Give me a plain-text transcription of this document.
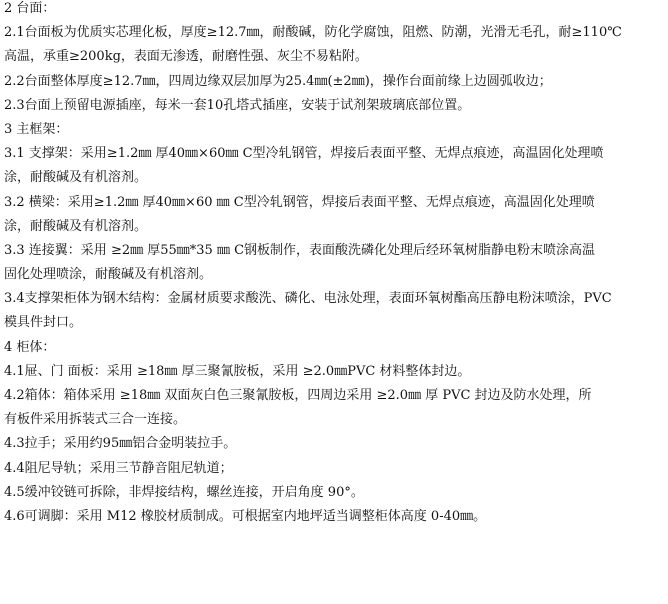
2 台面：
2.1台面板为优质实芯理化板，厚度≥12.7㎜，耐酸碱，防化学腐蚀，阻燃、防潮，光滑无毛孔，耐≥110℃
高温，承重≥200kg，表面无渗透，耐磨性强、灰尘不易粘附。
2.2台面整体厚度≥12.7㎜，四周边缘双层加厚为25.4㎜(±2㎜)，操作台面前缘上边圆弧收边；
2.3台面上预留电源插座，每米一套10孔塔式插座，安装于试剂架玻璃底部位置。
3 主框架：
3.1 支撑架：采用≥1.2㎜ 厚40㎜×60㎜ C型冷轧钢管，焊接后表面平整、无焊点痕迹，高温固化处理喷
涂，耐酸碱及有机溶剂。
3.2 横梁：采用≥1.2㎜ 厚40㎜×60 ㎜ C型冷轧钢管，焊接后表面平整、无焊点痕迹，高温固化处理喷
涂，耐酸碱及有机溶剂。
3.3 连接翼：采用 ≥2㎜ 厚55㎜*35 ㎜ C钢板制作，表面酸洗磷化处理后经环氧树脂静电粉末喷涂高温
固化处理喷涂，耐酸碱及有机溶剂。
3.4支撑架柜体为钢木结构：金属材质要求酸洗、磷化、电泳处理，表面环氧树酯高压静电粉沫喷涂，PVC
模具件封口。
4 柜体：
4.1屉、门 面板：采用 ≥18㎜ 厚三聚氰胺板，采用 ≥2.0㎜PVC 材料整体封边。
4.2箱体：箱体采用 ≥18㎜ 双面灰白色三聚氰胺板，四周边采用 ≥2.0㎜ 厚 PVC 封边及防水处理，所
有板件采用拆装式三合一连接。
4.3拉手；采用约95㎜铝合金明装拉手。
4.4阻尼导轨；采用三节静音阻尼轨道；
4.5缓冲铰链可拆除，非焊接结构，螺丝连接，开启角度 90°。
4.6可调脚：采用 M12 橡胶材质制成。可根据室内地坪适当调整柜体高度 0-40㎜。
